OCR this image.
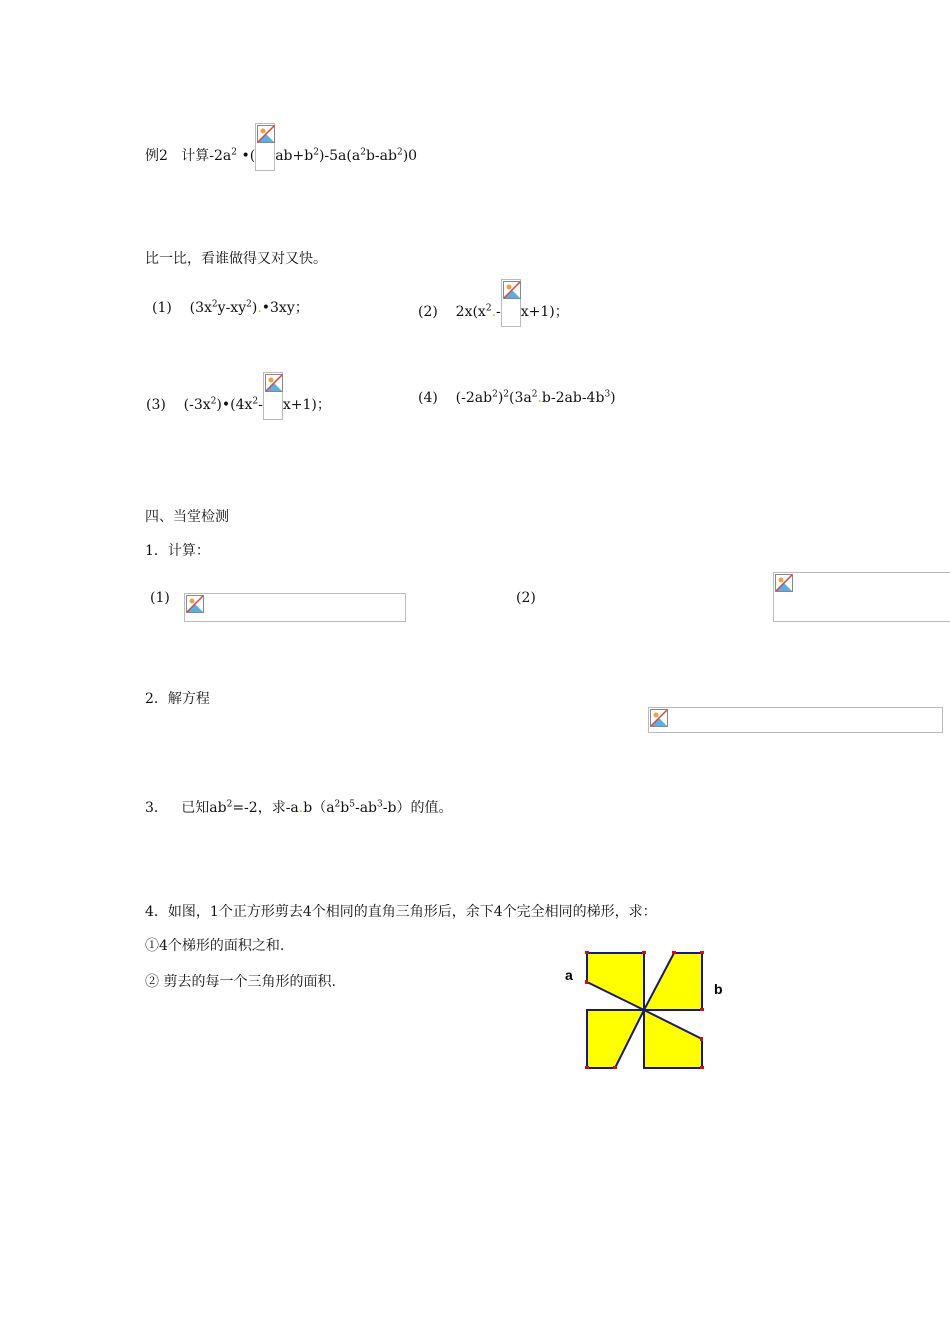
例2 计算$-2a^2$ •( $ab+b^2)-5a(a^2b-ab^2)0$
比一比，看谁做得又对又快。
(1) $(3x^2y-xy^2).•3xy$；	(2) $2x(x^2.-$ x+1)；
(3) $(-3x^2)•(4x^2-$ x+1)；	(4) $(-2ab^2)^2(3a^2.b-2ab-4b^3)$
四、当堂检测
1．计算：
(1)
	(2)

2．解方程
3． 已知$ab^2=-2$，求$-a.b(a^2b^5-ab^3-b)$的值。
4．如图，1个正方形剪去4个相同的直角三角形后，余下4个完全相同的梯形，求：
①4个梯形的面积之和.
② 剪去的每一个三角形的面积.	a
b
